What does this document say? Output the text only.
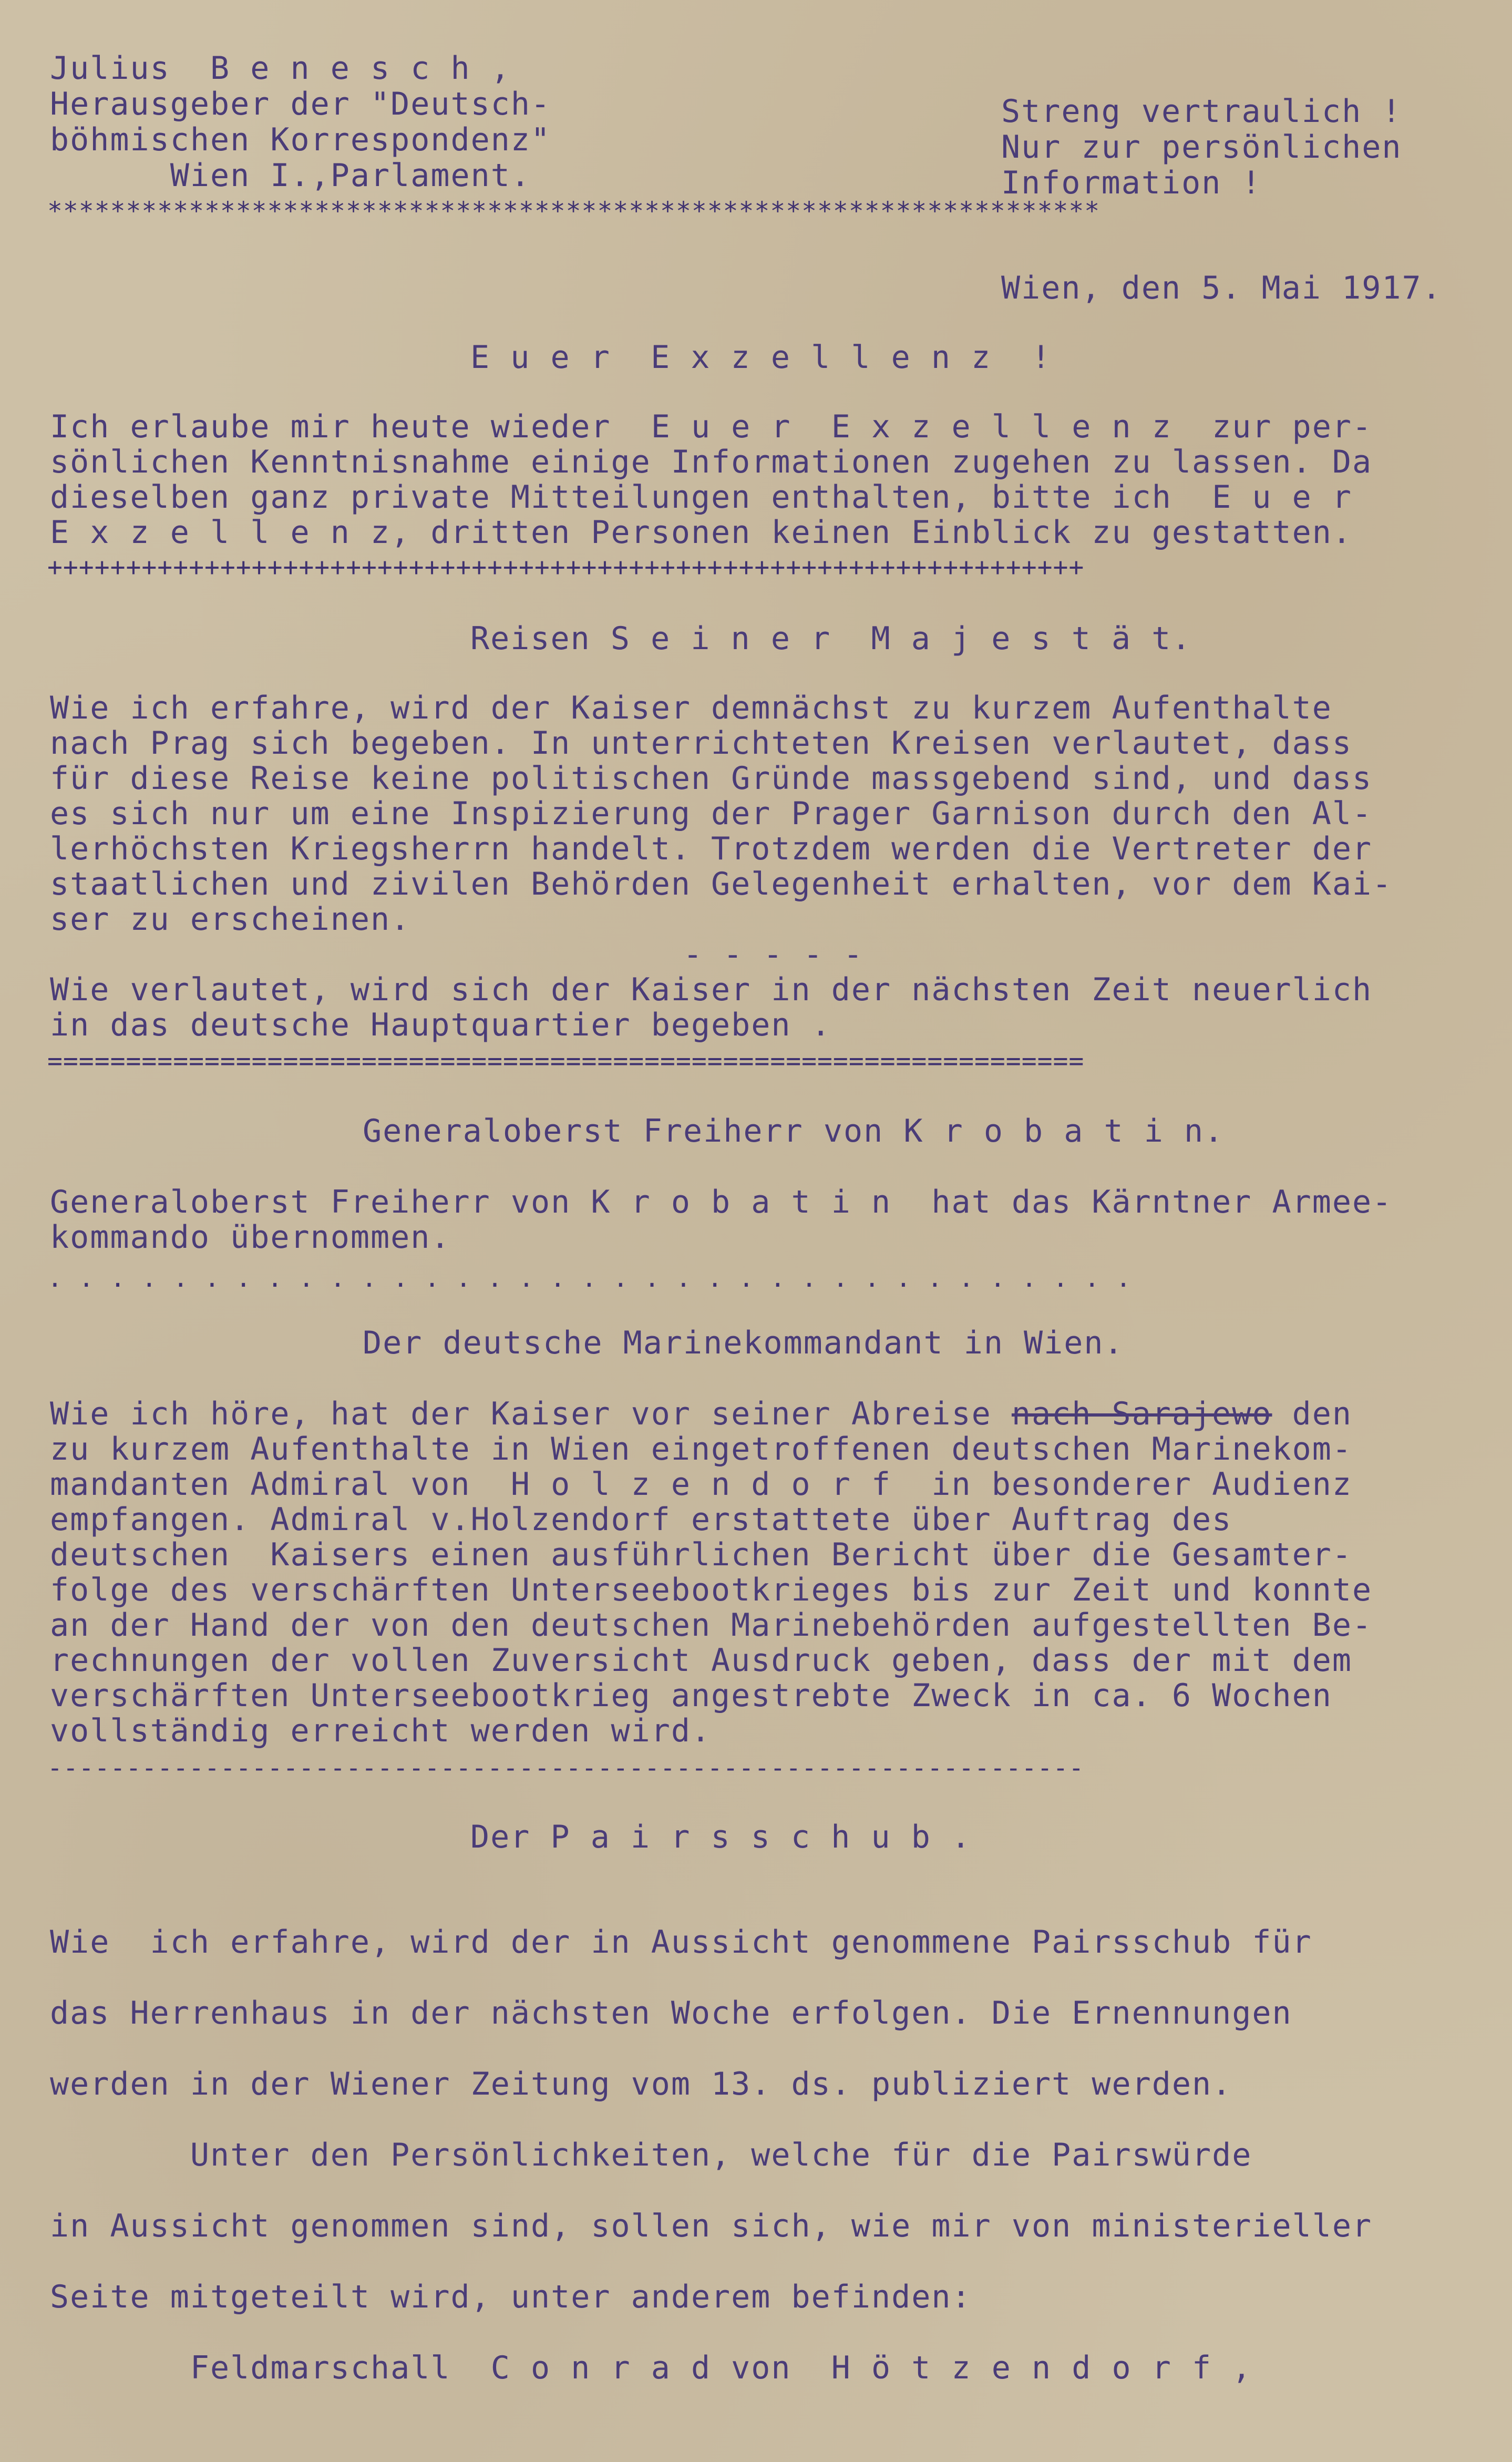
Julius  B e n e s c h ,
Herausgeber der "Deutsch-
böhmischen Korrespondenz"
Wien I.,Parlament.
Streng vertraulich !
Nur zur persönlichen
Information !
*******************************************************************
Wien, den 5. Mai 1917.
E u e r  E x z e l l e n z  !
Ich erlaube mir heute wieder  E u e r  E x z e l l e n z  zur per-
sönlichen Kenntnisnahme einige Informationen zugehen zu lassen. Da
dieselben ganz private Mitteilungen enthalten, bitte ich  E u e r
E x z e l l e n z, dritten Personen keinen Einblick zu gestatten.
++++++++++++++++++++++++++++++++++++++++++++++++++++++++++++++++++
Reisen S e i n e r  M a j e s t ä t.
Wie ich erfahre, wird der Kaiser demnächst zu kurzem Aufenthalte
nach Prag sich begeben. In unterrichteten Kreisen verlautet, dass
für diese Reise keine politischen Gründe massgebend sind, und dass
es sich nur um eine Inspizierung der Prager Garnison durch den Al-
lerhöchsten Kriegsherrn handelt. Trotzdem werden die Vertreter der
staatlichen und zivilen Behörden Gelegenheit erhalten, vor dem Kai-
ser zu erscheinen.
- - - - -
Wie verlautet, wird sich der Kaiser in der nächsten Zeit neuerlich
in das deutsche Hauptquartier begeben .
==================================================================
Generaloberst Freiherr von K r o b a t i n.
Generaloberst Freiherr von K r o b a t i n  hat das Kärntner Armee-
kommando übernommen.
. . . . . . . . . . . . . . . . . . . . . . . . . . . . . . . . . . .
Der deutsche Marinekommandant in Wien.
Wie ich höre, hat der Kaiser vor seiner Abreise nach Sarajewo den
zu kurzem Aufenthalte in Wien eingetroffenen deutschen Marinekom-
mandanten Admiral von  H o l z e n d o r f  in besonderer Audienz
empfangen. Admiral v.Holzendorf erstattete über Auftrag des
deutschen  Kaisers einen ausführlichen Bericht über die Gesamter-
folge des verschärften Unterseebootkrieges bis zur Zeit und konnte
an der Hand der von den deutschen Marinebehörden aufgestellten Be-
rechnungen der vollen Zuversicht Ausdruck geben, dass der mit dem
verschärften Unterseebootkrieg angestrebte Zweck in ca. 6 Wochen
vollständig erreicht werden wird.
------------------------------------------------------------------
Der P a i r s s c h u b .
Wie  ich erfahre, wird der in Aussicht genommene Pairsschub für
das Herrenhaus in der nächsten Woche erfolgen. Die Ernennungen
werden in der Wiener Zeitung vom 13. ds. publiziert werden.
Unter den Persönlichkeiten, welche für die Pairswürde
in Aussicht genommen sind, sollen sich, wie mir von ministerieller
Seite mitgeteilt wird, unter anderem befinden:
Feldmarschall  C o n r a d von  H ö t z e n d o r f ,
